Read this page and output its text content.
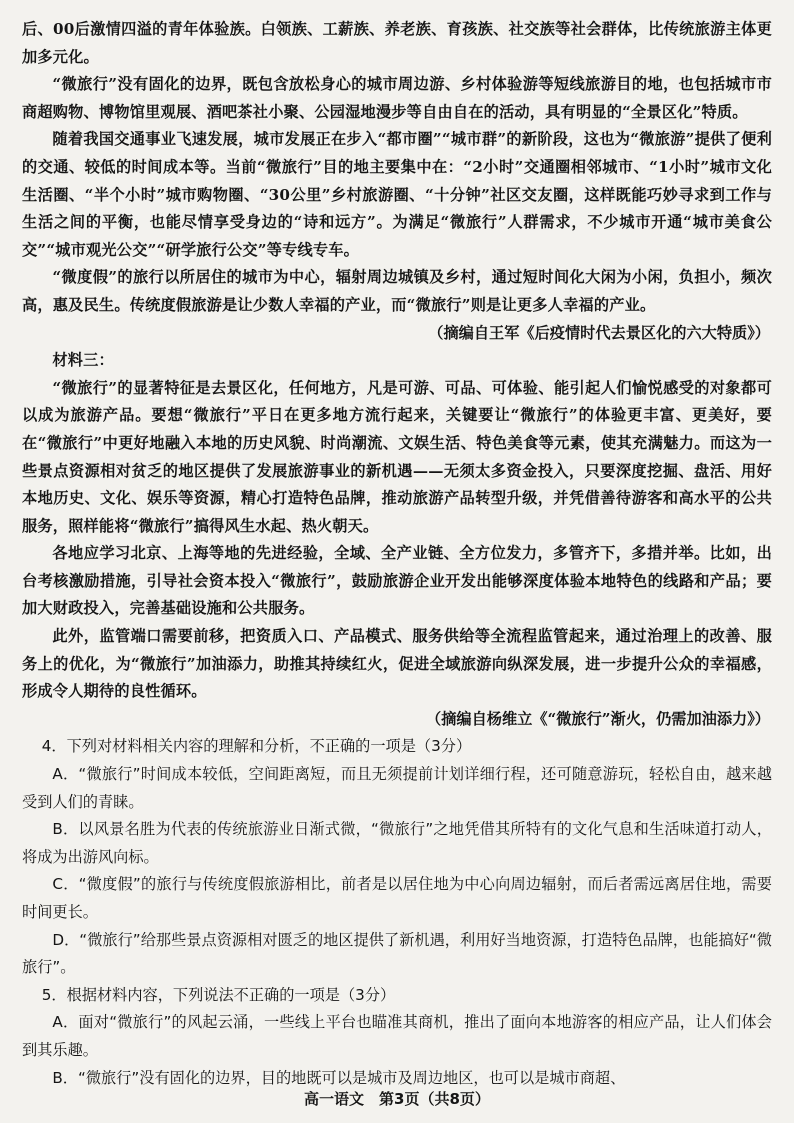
后、00后激情四溢的青年体验族。白领族、工薪族、养老族、育孩族、社交族等社会群体，比传统旅游主体更加多元化。

“微旅行”没有固化的边界，既包含放松身心的城市周边游、乡村体验游等短线旅游目的地，也包括城市市商超购物、博物馆里观展、酒吧茶社小聚、公园湿地漫步等自由自在的活动，具有明显的“全景区化”特质。

随着我国交通事业飞速发展，城市发展正在步入“都市圈”“城市群”的新阶段，这也为“微旅游”提供了便利的交通、较低的时间成本等。当前“微旅行”目的地主要集中在：“2小时”交通圈相邻城市、“1小时”城市文化生活圈、“半个小时”城市购物圈、“30公里”乡村旅游圈、“十分钟”社区交友圈，这样既能巧妙寻求到工作与生活之间的平衡，也能尽情享受身边的“诗和远方”。为满足“微旅行”人群需求，不少城市开通“城市美食公交”“城市观光公交”“研学旅行公交”等专线专车。

“微度假”的旅行以所居住的城市为中心，辐射周边城镇及乡村，通过短时间化大闲为小闲，负担小，频次高，惠及民生。传统度假旅游是让少数人幸福的产业，而“微旅行”则是让更多人幸福的产业。

（摘编自王军《后疫情时代去景区化的六大特质》）

材料三：

“微旅行”的显著特征是去景区化，任何地方，凡是可游、可品、可体验、能引起人们愉悦感受的对象都可以成为旅游产品。要想“微旅行”平日在更多地方流行起来，关键要让“微旅行”的体验更丰富、更美好，要在“微旅行”中更好地融入本地的历史风貌、时尚潮流、文娱生活、特色美食等元素，使其充满魅力。而这为一些景点资源相对贫乏的地区提供了发展旅游事业的新机遇——无须太多资金投入，只要深度挖掘、盘活、用好本地历史、文化、娱乐等资源，精心打造特色品牌，推动旅游产品转型升级，并凭借善待游客和高水平的公共服务，照样能将“微旅行”搞得风生水起、热火朝天。

各地应学习北京、上海等地的先进经验，全域、全产业链、全方位发力，多管齐下，多措并举。比如，出台考核激励措施，引导社会资本投入“微旅行”，鼓励旅游企业开发出能够深度体验本地特色的线路和产品；要加大财政投入，完善基础设施和公共服务。

此外，监管端口需要前移，把资质入口、产品模式、服务供给等全流程监管起来，通过治理上的改善、服务上的优化，为“微旅行”加油添力，助推其持续红火，促进全域旅游向纵深发展，进一步提升公众的幸福感，形成令人期待的良性循环。

（摘编自杨维立《“微旅行”渐火，仍需加油添力》）

4．下列对材料相关内容的理解和分析，不正确的一项是（3分）

A．“微旅行”时间成本较低，空间距离短，而且无须提前计划详细行程，还可随意游玩，轻松自由，越来越受到人们的青睐。

B．以风景名胜为代表的传统旅游业日渐式微，“微旅行”之地凭借其所特有的文化气息和生活味道打动人，将成为出游风向标。

C．“微度假”的旅行与传统度假旅游相比，前者是以居住地为中心向周边辐射，而后者需远离居住地，需要时间更长。

D．“微旅行”给那些景点资源相对匮乏的地区提供了新机遇，利用好当地资源，打造特色品牌，也能搞好“微旅行”。

5．根据材料内容，下列说法不正确的一项是（3分）

A．面对“微旅行”的风起云涌，一些线上平台也瞄准其商机，推出了面向本地游客的相应产品，让人们体会到其乐趣。

B．“微旅行”没有固化的边界，目的地既可以是城市及周边地区，也可以是城市商超、

高一语文　第3页（共8页）
